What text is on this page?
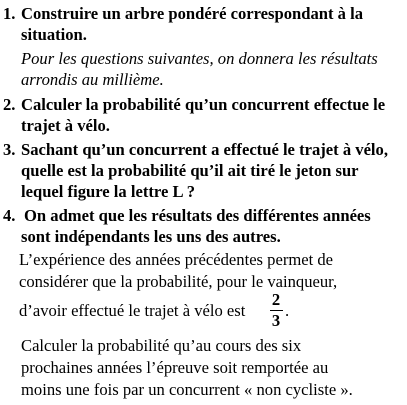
1. Construire un arbre pondéré correspondant à la
situation.
Pour les questions suivantes, on donnera les résultats
arrondis au millième.
2. Calculer la probabilité qu’un concurrent effectue le
trajet à vélo.
3. Sachant qu’un concurrent a effectué le trajet à vélo,
quelle est la probabilité qu’il ait tiré le jeton sur
lequel figure la lettre L ?
4. On admet que les résultats des différentes années
sont indépendants les uns des autres.
L’expérience des années précédentes permet de
considérer que la probabilité, pour le vainqueur,
d’avoir effectué le trajet à vélo est
2
3
.
Calculer la probabilité qu’au cours des six
prochaines années l’épreuve soit remportée au
moins une fois par un concurrent « non cycliste ».
